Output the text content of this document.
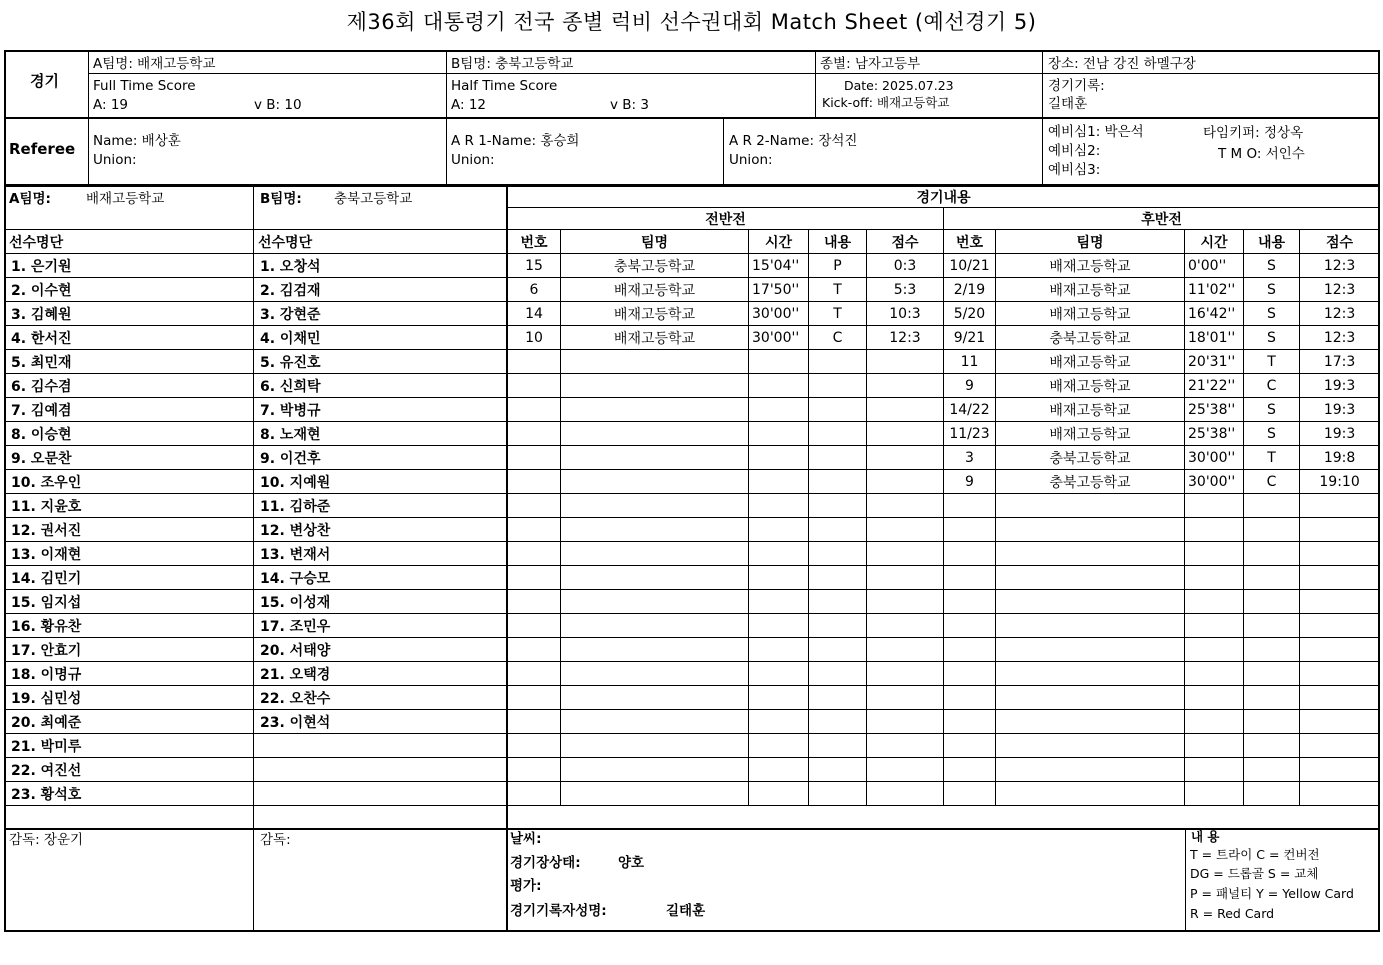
제36회 대통령기 전국 종별 럭비 선수권대회 Match Sheet (예선경기 5)
경기
A팀명: 배재고등학교	B팀명: 충북고등학교	종별: 남자고등부	장소: 전남 강진 하멜구장
Full Time Score
A: 19	v B: 10
Half Time Score
A: 12	v B: 3
Date: 2025.07.23
Kick-off: 배재고등학교
경기기록:
길태훈
Referee Name: 배상훈
Union:
A R 1-Name: 홍승희
Union:
A R 2-Name: 장석진
Union:
예비심1: 박은석
예비심2:
예비심3:
타임키퍼: 정상옥
T M O: 서인수
A팀명:	배재고등학교	B팀명: 충북고등학교
선수명단	선수명단
1. 은기원	1. 오창석
2. 이수현	2. 김검재
3. 김혜원	3. 강현준
4. 한서진	4. 이채민
5. 최민재	5. 유진호
6. 김수겸	6. 신희탁
7. 김예겸	7. 박병규
8. 이승현	8. 노재현
9. 오문찬	9. 이건후
10. 조우인	10. 지예원
11. 지윤호	11. 김하준
12. 권서진	12. 변상찬
13. 이재현	13. 변재서
14. 김민기	14. 구승모
15. 임지섭	15. 이성재
16. 황유찬	17. 조민우
17. 안효기	20. 서태양
18. 이명규	21. 오택경
19. 심민성	22. 오찬수
20. 최예준	23. 이현석
21. 박미루	
22. 여진선	
23. 황석호	
감독: 장운기	감독:
경기내용									
전반전					후반전				
번호	팀명	시간	내용	점수	번호	팀명	시간	내용	점수
15	충북고등학교	15'04''	P	0:3	10/21	배재고등학교	0'00''	S	12:3
6	배재고등학교	17'50''	T	5:3	2/19	배재고등학교	11'02''	S	12:3
14	배재고등학교	30'00''	T	10:3	5/20	배재고등학교	16'42''	S	12:3
10	배재고등학교	30'00''	C	12:3	9/21	충북고등학교	18'01''	S	12:3
					11	배재고등학교	20'31''	T	17:3
					9	배재고등학교	21'22''	C	19:3
					14/22	배재고등학교	25'38''	S	19:3
					11/23	배재고등학교	25'38''	S	19:3
					3	충북고등학교	30'00''	T	19:8
					9	충북고등학교	30'00''	C	19:10

날씨:
경기장상태:	양호
평가:
경기기록자성명:	길태훈
내 용
T = 트라이 C = 컨버전
DG = 드롭골 S = 교체
P = 패널티 Y = Yellow Card
R = Red Card
